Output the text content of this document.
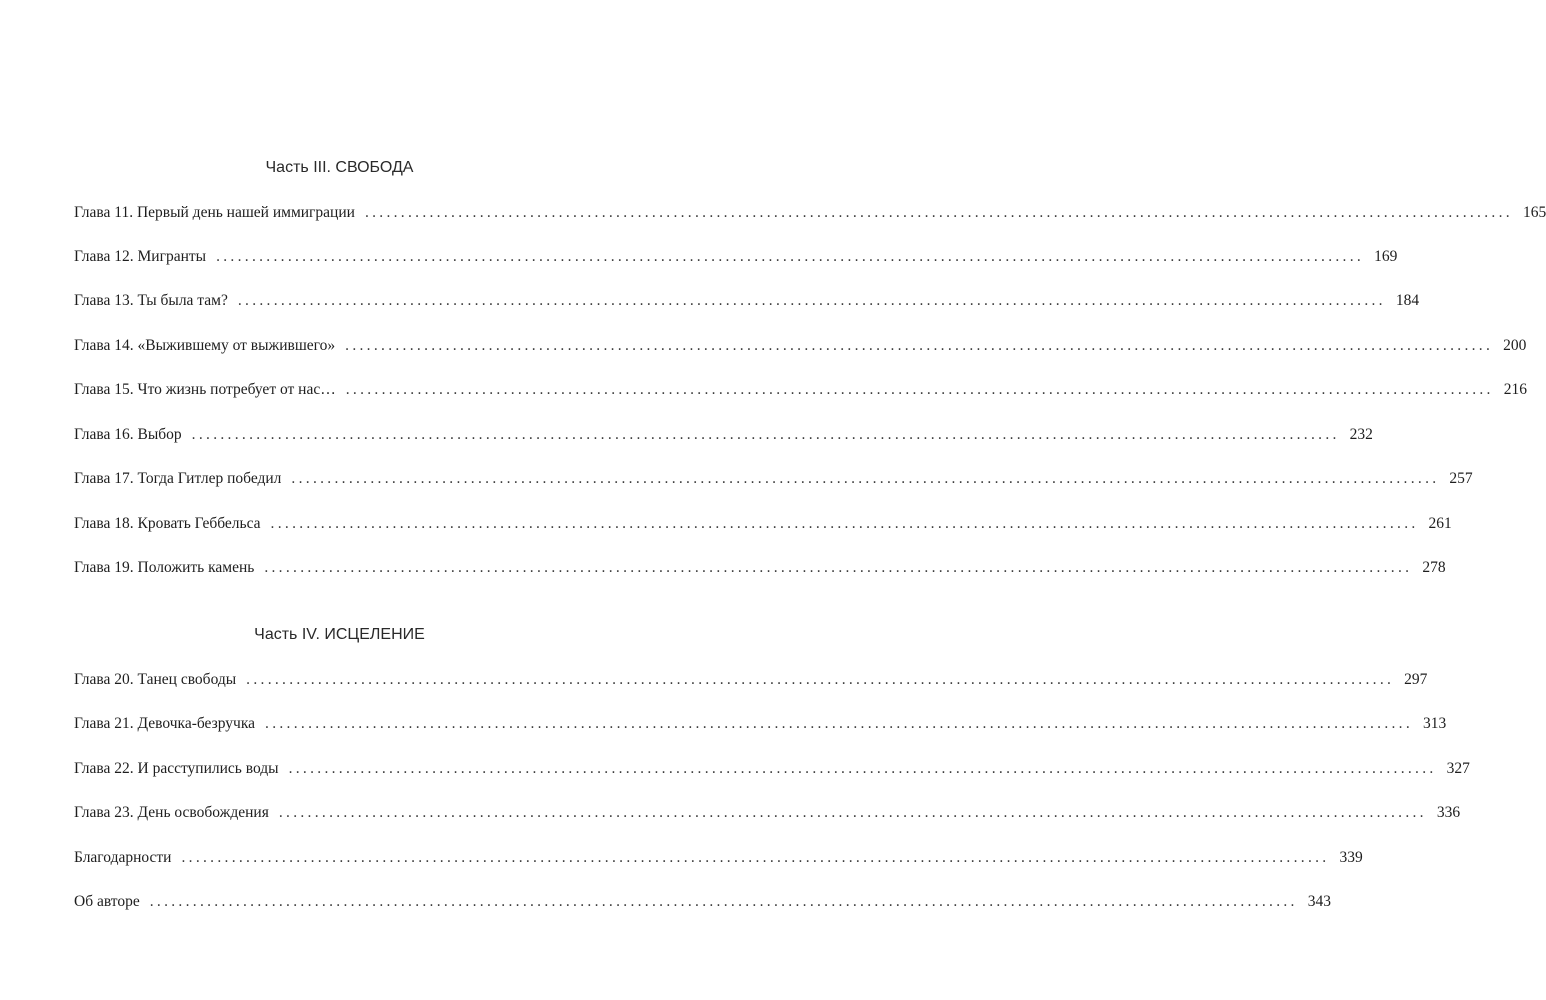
Часть III. СВОБОДА
Глава 11. Первый день нашей иммиграции ................................................................................................................................................................ 165
Глава 12. Мигранты ................................................................................................................................................................ 169
Глава 13. Ты была там? ................................................................................................................................................................ 184
Глава 14. «Выжившему от выжившего» ................................................................................................................................................................ 200
Глава 15. Что жизнь потребует от нас… ................................................................................................................................................................ 216
Глава 16. Выбор ................................................................................................................................................................ 232
Глава 17. Тогда Гитлер победил ................................................................................................................................................................ 257
Глава 18. Кровать Геббельса ................................................................................................................................................................ 261
Глава 19. Положить камень ................................................................................................................................................................ 278
Часть IV. ИСЦЕЛЕНИЕ
Глава 20. Танец свободы ................................................................................................................................................................ 297
Глава 21. Девочка-безручка ................................................................................................................................................................ 313
Глава 22. И расступились воды ................................................................................................................................................................ 327
Глава 23. День освобождения ................................................................................................................................................................ 336
Благодарности ................................................................................................................................................................ 339
Об авторе ................................................................................................................................................................ 343
